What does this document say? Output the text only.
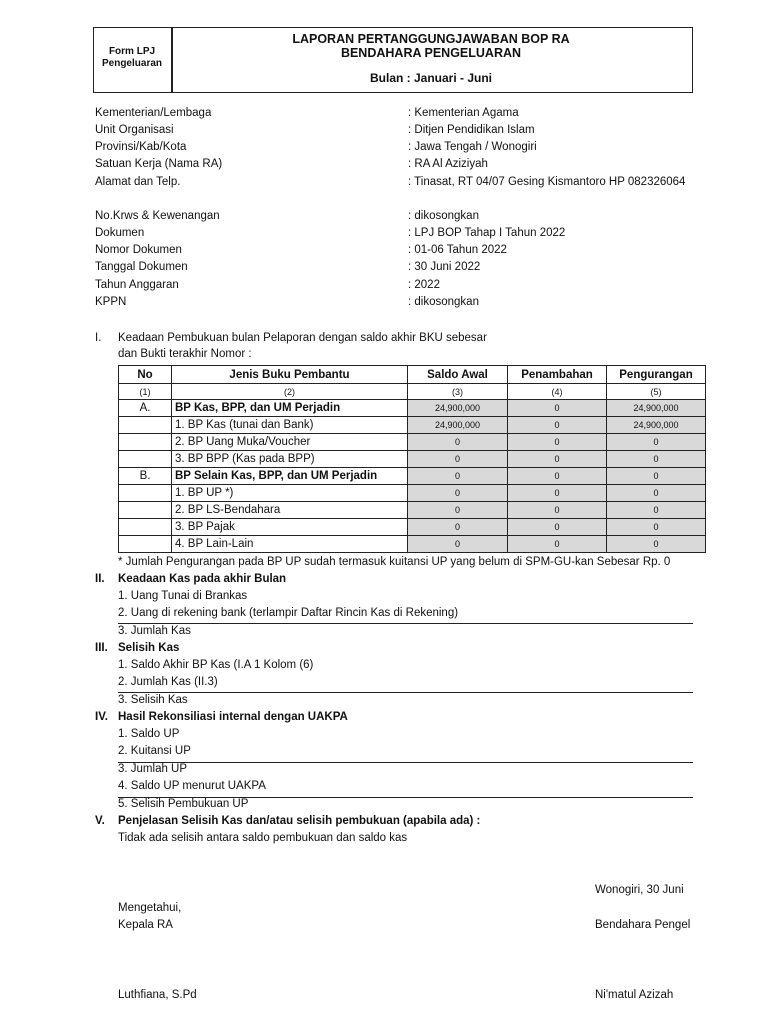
Form LPJ
Pengeluaran
LAPORAN PERTANGGUNGJAWABAN BOP RA
BENDAHARA PENGELUARAN
Bulan : Januari - Juni
Kementerian/Lembaga	: Kementerian Agama
Unit Organisasi	: Ditjen Pendidikan Islam
Provinsi/Kab/Kota	: Jawa Tengah / Wonogiri
Satuan Kerja (Nama RA)	: RA Al Aziziyah
Alamat dan Telp.	: Tinasat, RT 04/07 Gesing Kismantoro HP 082326064
No.Krws & Kewenangan	: dikosongkan
Dokumen	: LPJ BOP Tahap I Tahun 2022
Nomor Dokumen	: 01-06 Tahun 2022
Tanggal Dokumen	: 30 Juni 2022
Tahun Anggaran	: 2022
KPPN	: dikosongkan
I. Keadaan Pembukuan bulan Pelaporan dengan saldo akhir BKU sebesar
dan Bukti terakhir Nomor :
No	Jenis Buku Pembantu	Saldo Awal	Penambahan	Pengurangan
(1)	(2)	(3)	(4)	(5)
A.	BP Kas, BPP, dan UM Perjadin	24,900,000	0	24,900,000
	1. BP Kas (tunai dan Bank)	24,900,000	0	24,900,000
	2. BP Uang Muka/Voucher	0	0	0
	3. BP BPP (Kas pada BPP)	0	0	0
B.	BP Selain Kas, BPP, dan UM Perjadin	0	0	0
	1. BP UP *)	0	0	0
	2. BP LS-Bendahara	0	0	0
	3. BP Pajak	0	0	0
	4. BP Lain-Lain	0	0	0
* Jumlah Pengurangan pada BP UP sudah termasuk kuitansi UP yang belum di SPM-GU-kan Sebesar Rp. 0
II. Keadaan Kas pada akhir Bulan
1. Uang Tunai di Brankas
2. Uang di rekening bank (terlampir Daftar Rincin Kas di Rekening)
3. Jumlah Kas
III. Selisih Kas
1. Saldo Akhir BP Kas (I.A 1 Kolom (6)
2. Jumlah Kas (II.3)
3. Selisih Kas
IV. Hasil Rekonsiliasi internal dengan UAKPA
1. Saldo UP
2. Kuitansi UP
3. Jumlah UP
4. Saldo UP menurut UAKPA
5. Selisih Pembukuan UP
V. Penjelasan Selisih Kas dan/atau selisih pembukuan (apabila ada) :
Tidak ada selisih antara saldo pembukuan dan saldo kas
Wonogiri, 30 Juni
Mengetahui,
Kepala RA	Bendahara Pengel
Luthfiana, S.Pd	Ni'matul Azizah
